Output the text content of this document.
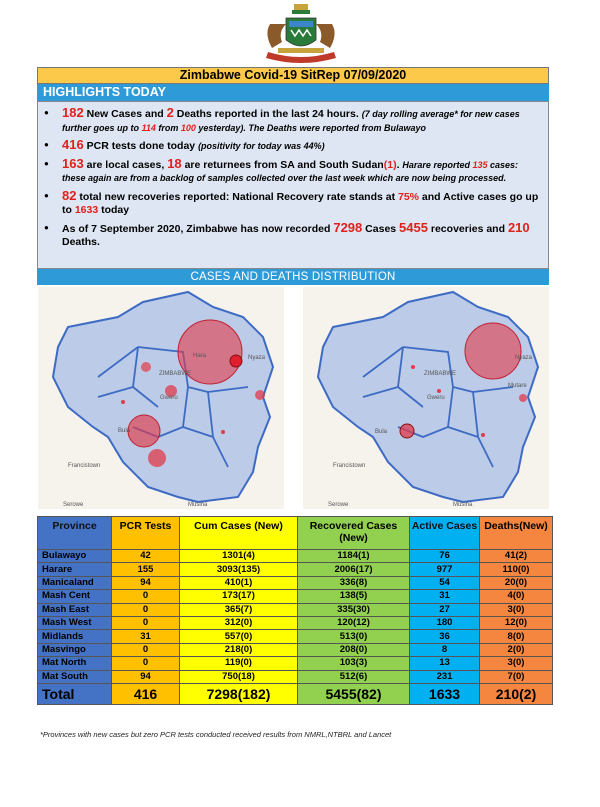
Zimbabwe Covid-19 SitRep 07/09/2020
HIGHLIGHTS TODAY
● 182 New Cases and 2 Deaths reported in the last 24 hours. (7 day rolling average* for new cases further goes up to 114 from 100 yesterday). The Deaths were reported from Bulawayo
● 416 PCR tests done today (positivity for today was 44%)
● 163 are local cases, 18 are returnees from SA and South Sudan(1). Harare reported 135 cases: these again are from a backlog of samples collected over the last week which are now being processed.
● 82 total new recoveries reported: National Recovery rate stands at 75% and Active cases go up to 1633 today
● As of 7 September 2020, Zimbabwe has now recorded 7298 Cases 5455 recoveries and 210 Deaths.
CASES AND DEATHS DISTRIBUTION
ZIMBABWE
Hara	Nyaza
Gweru
Bula
Francistown
Serowe	Musina
ZIMBABWE
Nyaza
Mutare
Gweru
Bula
Francistown
Serowe	Musina
Province	PCR Tests	Cum Cases (New)	Recovered Cases (New)	Active Cases	Deaths(New)
Bulawayo	42	1301(4)	1184(1)	76	41(2)
Harare	155	3093(135)	2006(17)	977	110(0)
Manicaland	94	410(1)	336(8)	54	20(0)
Mash Cent	0	173(17)	138(5)	31	4(0)
Mash East	0	365(7)	335(30)	27	3(0)
Mash West	0	312(0)	120(12)	180	12(0)
Midlands	31	557(0)	513(0)	36	8(0)
Masvingo	0	218(0)	208(0)	8	2(0)
Mat North	0	119(0)	103(3)	13	3(0)
Mat South	94	750(18)	512(6)	231	7(0)
Total	416	7298(182)	5455(82)	1633	210(2)
*Provinces with new cases but zero PCR tests conducted received results from NMRL,NTBRL and Lancet
